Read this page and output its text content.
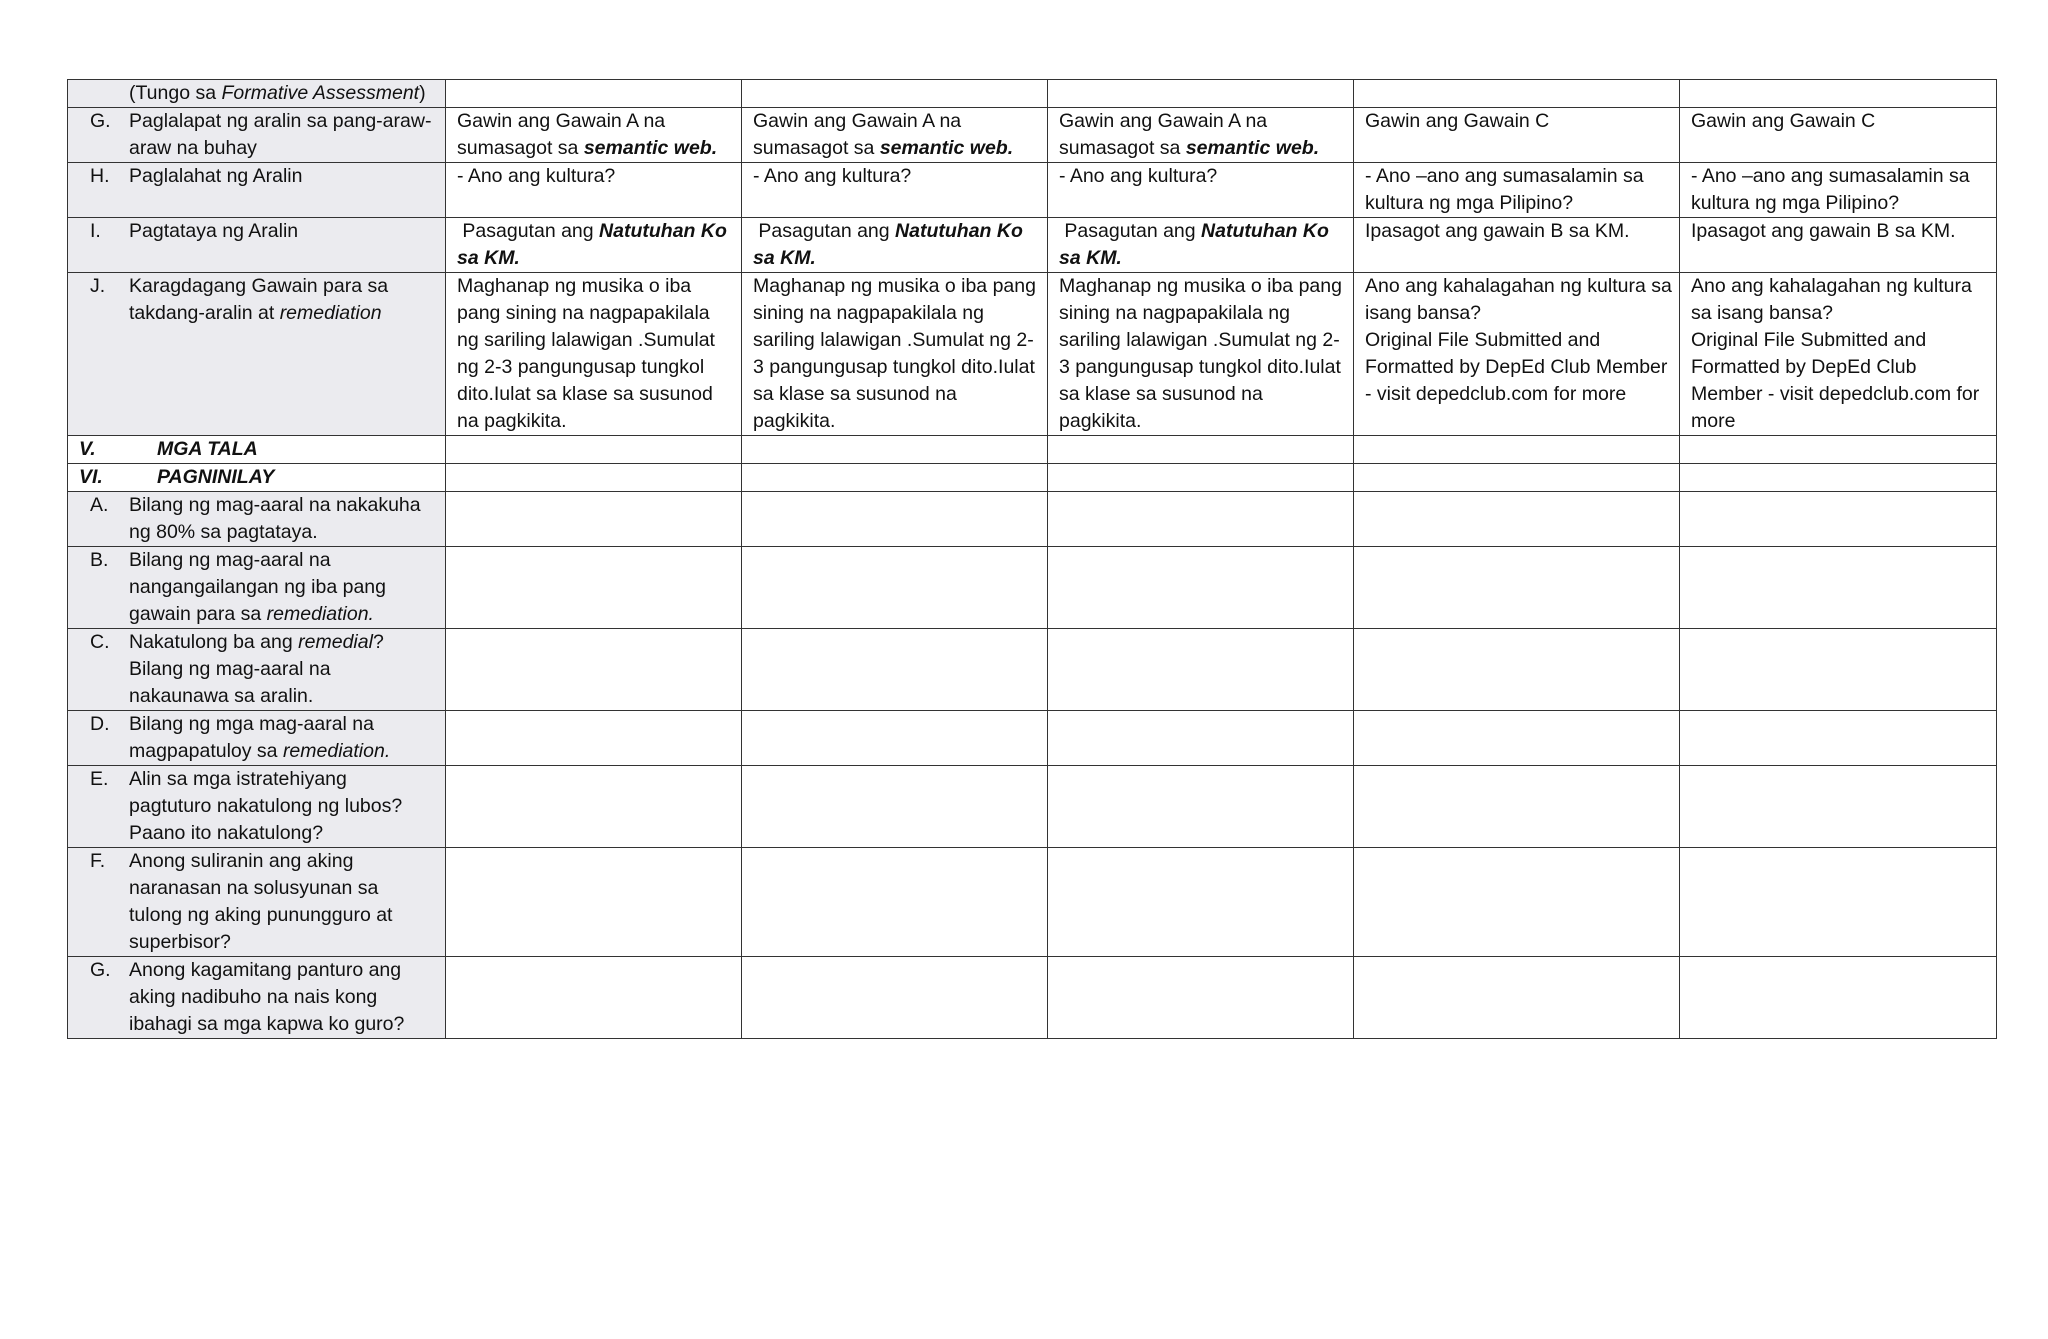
(Tungo sa Formative Assessment)					

G. Paglalapat ng aralin sa pang-araw-araw na buhay	Gawin ang Gawain A na sumasagot sa semantic web.	Gawin ang Gawain A na sumasagot sa semantic web.	Gawin ang Gawain A na sumasagot sa semantic web.	Gawin ang Gawain C	Gawin ang Gawain C

H. Paglalahat ng Aralin	- Ano ang kultura?	- Ano ang kultura?	- Ano ang kultura?	- Ano –ano ang sumasalamin sa kultura ng mga Pilipino?	- Ano –ano ang sumasalamin sa kultura ng mga Pilipino?

I. Pagtataya ng Aralin	Pasagutan ang Natutuhan Ko sa KM.	Pasagutan ang Natutuhan Ko sa KM.	Pasagutan ang Natutuhan Ko sa KM.	Ipasagot ang gawain B sa KM.	Ipasagot ang gawain B sa KM.

J. Karagdagang Gawain para sa takdang-aralin at remediation	Maghanap ng musika o iba pang sining na nagpapakilala ng sariling lalawigan .Sumulat ng 2-3 pangungusap tungkol dito.Iulat sa klase sa susunod na pagkikita.	Maghanap ng musika o iba pang sining na nagpapakilala ng sariling lalawigan .Sumulat ng 2-3 pangungusap tungkol dito.Iulat sa klase sa susunod na pagkikita.	Maghanap ng musika o iba pang sining na nagpapakilala ng sariling lalawigan .Sumulat ng 2-3 pangungusap tungkol dito.Iulat sa klase sa susunod na pagkikita.	Ano ang kahalagahan ng kultura sa isang bansa?
Original File Submitted and Formatted by DepEd Club Member - visit depedclub.com for more	Ano ang kahalagahan ng kultura sa isang bansa?
Original File Submitted and Formatted by DepEd Club Member - visit depedclub.com for more

V. MGA TALA					

VI. PAGNINILAY					

A. Bilang ng mag-aaral na nakakuha ng 80% sa pagtataya.					

B. Bilang ng mag-aaral na nangangailangan ng iba pang gawain para sa remediation.					

C. Nakatulong ba ang remedial? Bilang ng mag-aaral na nakaunawa sa aralin.					

D. Bilang ng mga mag-aaral na magpapatuloy sa remediation.					

E. Alin sa mga istratehiyang pagtuturo nakatulong ng lubos? Paano ito nakatulong?					

F. Anong suliranin ang aking naranasan na solusyunan sa tulong ng aking punungguro at superbisor?					

G. Anong kagamitang panturo ang aking nadibuho na nais kong ibahagi sa mga kapwa ko guro?					
